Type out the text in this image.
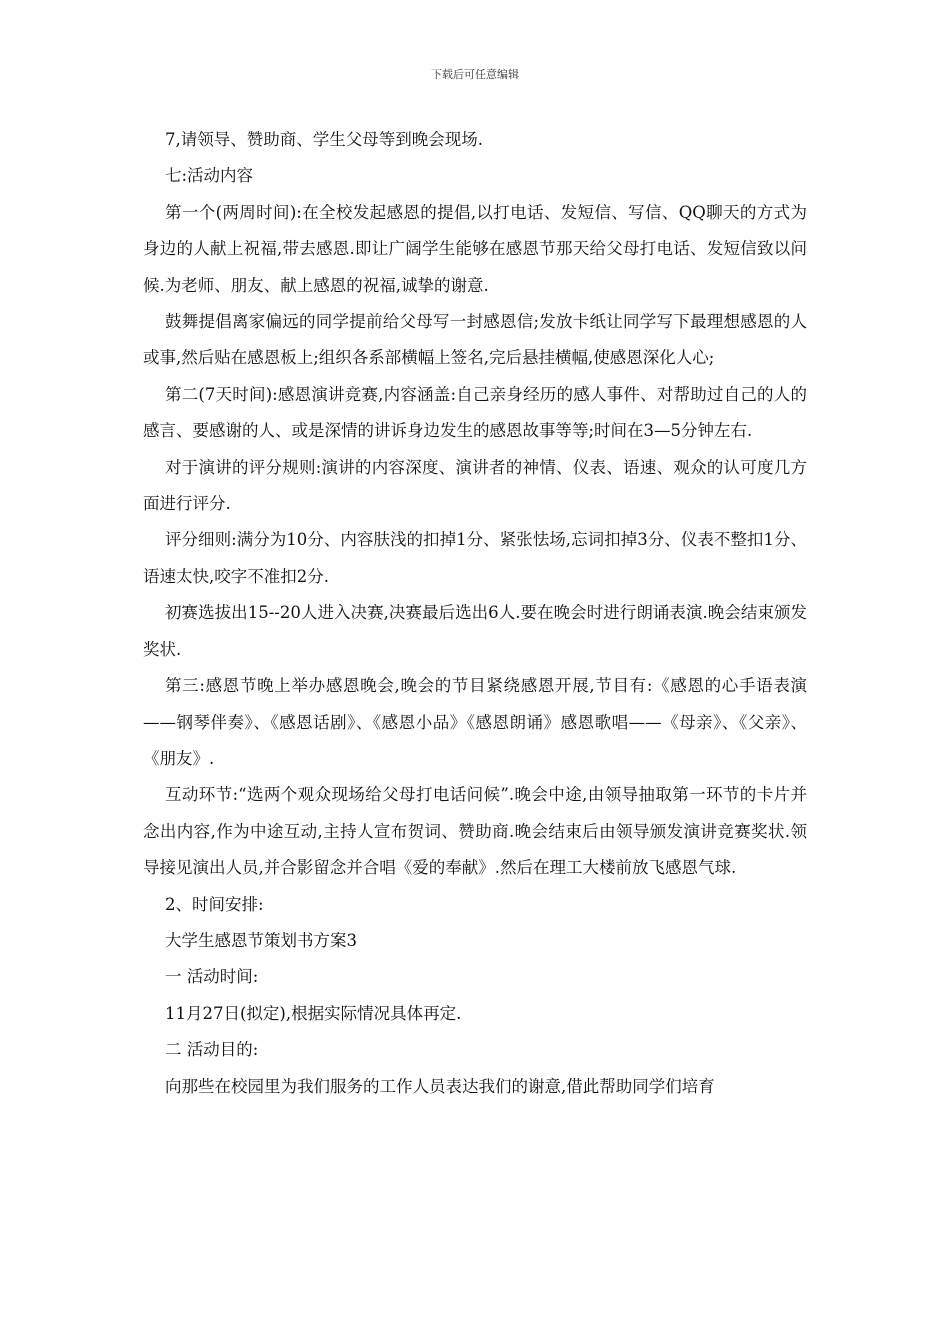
下载后可任意编辑

7,请领导、赞助商、学生父母等到晚会现场.

七:活动内容

第一个(两周时间):在全校发起感恩的提倡,以打电话、发短信、写信、QQ聊天的方式为身边的人献上祝福,带去感恩.即让广阔学生能够在感恩节那天给父母打电话、发短信致以问候.为老师、朋友、献上感恩的祝福,诚挚的谢意.

鼓舞提倡离家偏远的同学提前给父母写一封感恩信;发放卡纸让同学写下最理想感恩的人或事,然后贴在感恩板上;组织各系部横幅上签名,完后悬挂横幅,使感恩深化人心;

第二(7天时间):感恩演讲竞赛,内容涵盖:自己亲身经历的感人事件、对帮助过自己的人的感言、要感谢的人、或是深情的讲诉身边发生的感恩故事等等;时间在3—5分钟左右.

对于演讲的评分规则:演讲的内容深度、演讲者的神情、仪表、语速、观众的认可度几方面进行评分.

评分细则:满分为10分、内容肤浅的扣掉1分、紧张怯场,忘词扣掉3分、仪表不整扣1分、语速太快,咬字不准扣2分.

初赛选拔出15--20人进入决赛,决赛最后选出6人.要在晚会时进行朗诵表演.晚会结束颁发奖状.

第三:感恩节晚上举办感恩晚会,晚会的节目紧绕感恩开展,节目有:《感恩的心手语表演——钢琴伴奏》、《感恩话剧》、《感恩小品》《感恩朗诵》感恩歌唱——《母亲》、《父亲》、《朋友》.

互动环节:“选两个观众现场给父母打电话问候”.晚会中途,由领导抽取第一环节的卡片并念出内容,作为中途互动,主持人宣布贺词、赞助商.晚会结束后由领导颁发演讲竞赛奖状.领导接见演出人员,并合影留念并合唱《爱的奉献》.然后在理工大楼前放飞感恩气球.

2、时间安排:

大学生感恩节策划书方案3

一 活动时间:

11月27日(拟定),根据实际情况具体再定.

二 活动目的:

向那些在校园里为我们服务的工作人员表达我们的谢意,借此帮助同学们培育
